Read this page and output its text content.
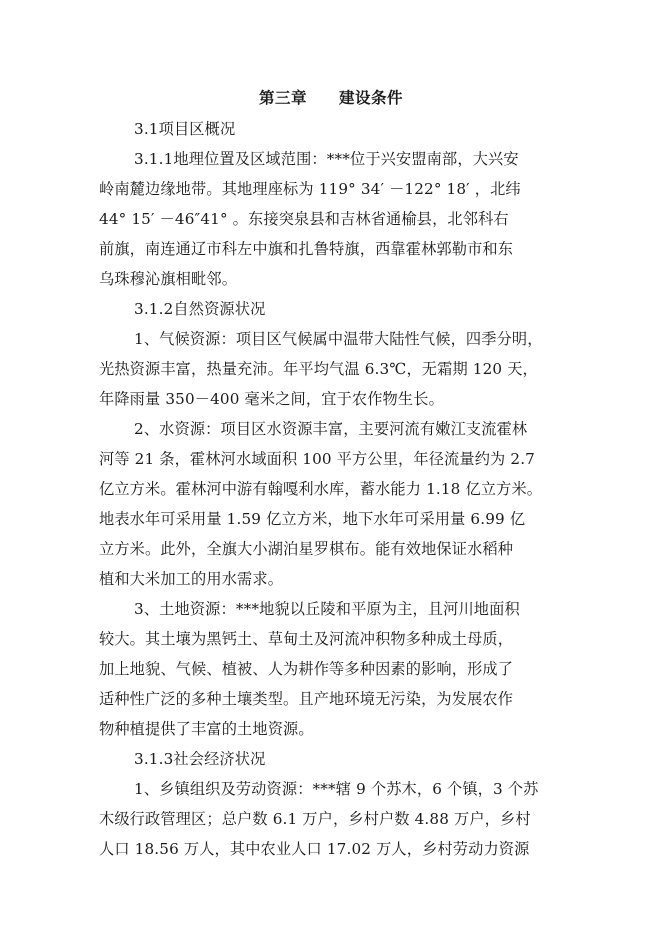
第三章　　建设条件
3.1项目区概况
3.1.1地理位置及区域范围：***位于兴安盟南部，大兴安
岭南麓边缘地带。其地理座标为 119° 34′ －122° 18′ ，北纬
44° 15′ －46″41° 。东接突泉县和吉林省通榆县，北邻科右
前旗，南连通辽市科左中旗和扎鲁特旗，西靠霍林郭勒市和东
乌珠穆沁旗相毗邻。
3.1.2自然资源状况
1、气候资源：项目区气候属中温带大陆性气候，四季分明，
光热资源丰富，热量充沛。年平均气温 6.3℃，无霜期 120 天，
年降雨量 350－400 毫米之间，宜于农作物生长。
2、水资源：项目区水资源丰富，主要河流有嫩江支流霍林
河等 21 条，霍林河水域面积 100 平方公里，年径流量约为 2.7
亿立方米。霍林河中游有翰嘎利水库，蓄水能力 1.18 亿立方米。
地表水年可采用量 1.59 亿立方米，地下水年可采用量 6.99 亿
立方米。此外，全旗大小湖泊星罗棋布。能有效地保证水稻种
植和大米加工的用水需求。
3、土地资源：***地貌以丘陵和平原为主，且河川地面积
较大。其土壤为黑钙土、草甸土及河流冲积物多种成土母质，
加上地貌、气候、植被、人为耕作等多种因素的影响，形成了
适种性广泛的多种土壤类型。且产地环境无污染，为发展农作
物种植提供了丰富的土地资源。
3.1.3社会经济状况
1、乡镇组织及劳动资源：***辖 9 个苏木，6 个镇，3 个苏
木级行政管理区；总户数 6.1 万户，乡村户数 4.88 万户，乡村
人口 18.56 万人，其中农业人口 17.02 万人，乡村劳动力资源
